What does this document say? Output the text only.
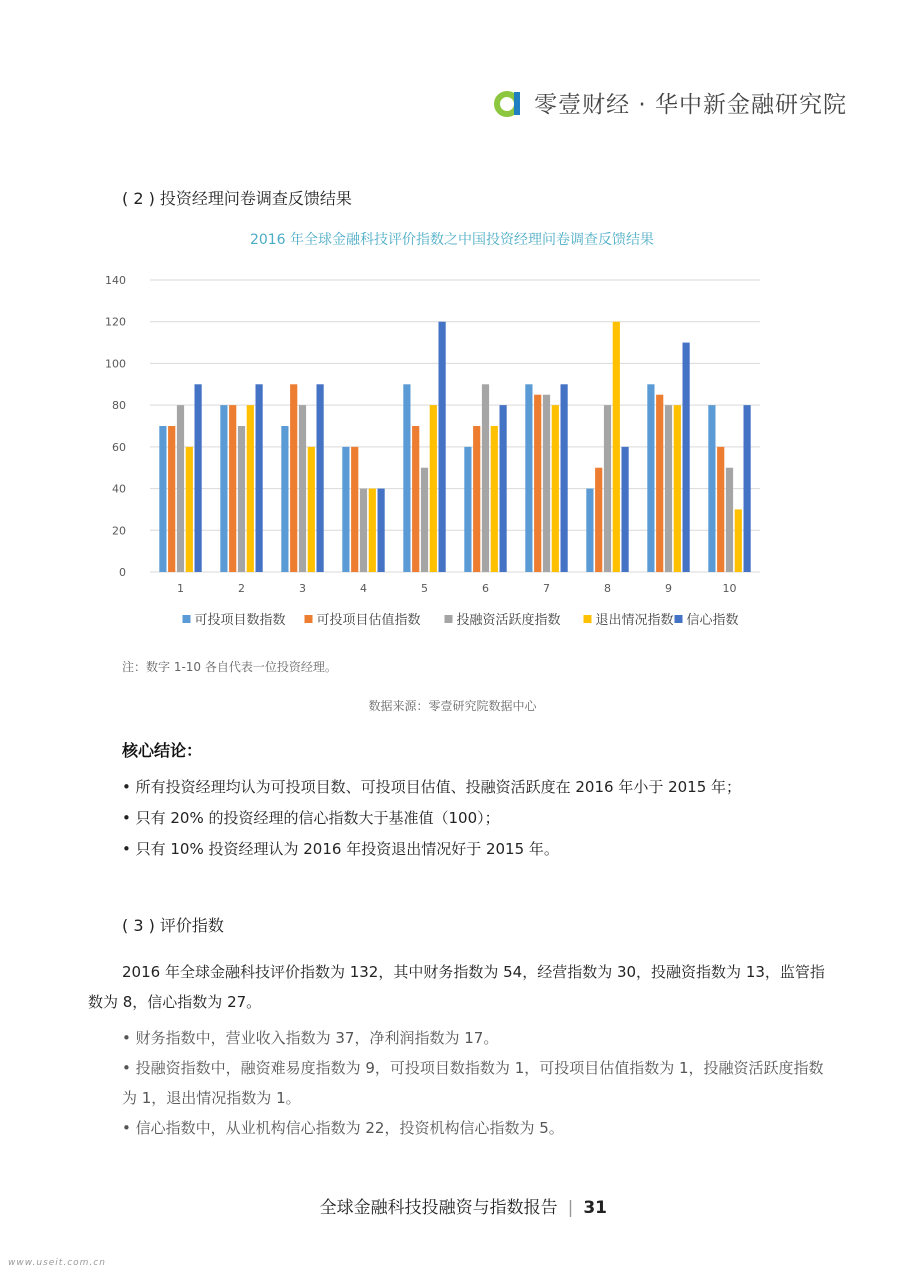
零壹财经 · 华中新金融研究院
( 2 ) 投资经理问卷调查反馈结果
2016 年全球金融科技评价指数之中国投资经理问卷调查反馈结果
0
20
40
60
80
100
120
140
1	2	3	4	5	6	7	8	9	10
可投项目数指数 可投项目估值指数	投融资活跃度指数	退出情况指数 信心指数
注：数字 1-10 各自代表一位投资经理。
数据来源：零壹研究院数据中心
核心结论：
• 所有投资经理均认为可投项目数、可投项目估值、投融资活跃度在 2016 年小于 2015 年；
• 只有 20% 的投资经理的信心指数大于基准值（100）；
• 只有 10% 投资经理认为 2016 年投资退出情况好于 2015 年。
( 3 ) 评价指数
2016 年全球金融科技评价指数为 132，其中财务指数为 54，经营指数为 30，投融资指数为 13，监管指数为 8，信心指数为 27。
• 财务指数中，营业收入指数为 37，净利润指数为 17。
• 投融资指数中，融资难易度指数为 9，可投项目数指数为 1，可投项目估值指数为 1，投融资活跃度指数为 1，退出情况指数为 1。
• 信心指数中，从业机构信心指数为 22，投资机构信心指数为 5。
全球金融科技投融资与指数报告 | 31
www.useit.com.cn
